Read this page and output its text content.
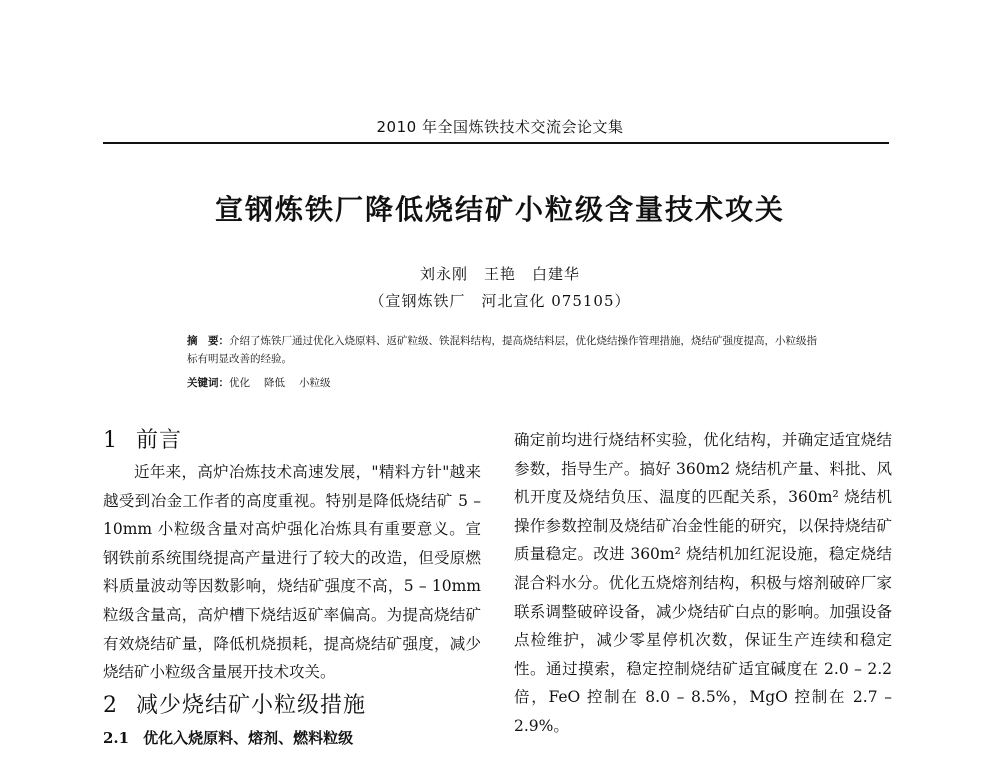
2010 年全国炼铁技术交流会论文集
宣钢炼铁厂降低烧结矿小粒级含量技术攻关
刘永刚　王艳　白建华
（宣钢炼铁厂　河北宣化 075105）
摘　要：介绍了炼铁厂通过优化入烧原料、返矿粒级、铁混料结构，提高烧结料层，优化烧结操作管理措施，烧结矿强度提高，小粒级指标有明显改善的经验。
关键词：优化 降低 小粒级
1 前言

近年来，高炉冶炼技术高速发展，"精料方针"越来越受到冶金工作者的高度重视。特别是降低烧结矿 5 – 10mm 小粒级含量对高炉强化冶炼具有重要意义。宣钢铁前系统围绕提高产量进行了较大的改造，但受原燃料质量波动等因数影响，烧结矿强度不高，5 – 10mm 粒级含量高，高炉槽下烧结返矿率偏高。为提高烧结矿有效烧结矿量，降低机烧损耗，提高烧结矿强度，减少烧结矿小粒级含量展开技术攻关。

2 减少烧结矿小粒级措施
2.1 优化入烧原料、熔剂、燃料粒级

确定前均进行烧结杯实验，优化结构，并确定适宜烧结参数，指导生产。搞好 360m2 烧结机产量、料批、风机开度及烧结负压、温度的匹配关系，360m² 烧结机操作参数控制及烧结矿冶金性能的研究，以保持烧结矿质量稳定。改进 360m² 烧结机加红泥设施，稳定烧结混合料水分。优化五烧熔剂结构，积极与熔剂破碎厂家联系调整破碎设备，减少烧结矿白点的影响。加强设备点检维护，减少零星停机次数，保证生产连续和稳定性。通过摸索，稳定控制烧结矿适宜碱度在 2.0 – 2.2 倍，FeO 控制在 8.0 – 8.5%，MgO 控制在 2.7 – 2.9%。
